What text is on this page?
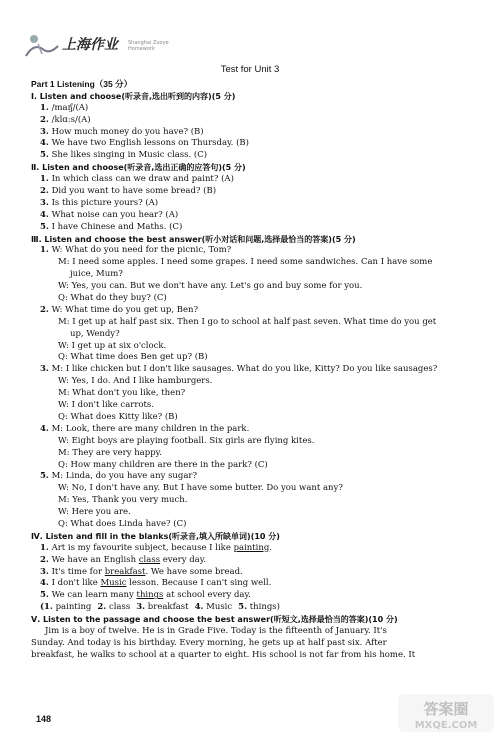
上海作业 Shanghai Zuoye Homework
Test for Unit 3
Part 1 Listening（35 分）
Ⅰ. Listen and choose(听录音,选出听到的内容)(5 分)
1. /maɪʃ/(A)
2. /klɑːs/(A)
3. How much money do you have? (B)
4. We have two English lessons on Thursday. (B)
5. She likes singing in Music class. (C)
Ⅱ. Listen and choose(听录音,选出正确的应答句)(5 分)
1. In which class can we draw and paint? (A)
2. Did you want to have some bread? (B)
3. Is this picture yours? (A)
4. What noise can you hear? (A)
5. I have Chinese and Maths. (C)
Ⅲ. Listen and choose the best answer(听小对话和问题,选择最恰当的答案)(5 分)
1. W: What do you need for the picnic, Tom?
M: I need some apples. I need some grapes. I need some sandwiches. Can I have some
juice, Mum?
W: Yes, you can. But we don't have any. Let's go and buy some for you.
Q: What do they buy? (C)
2. W: What time do you get up, Ben?
M: I get up at half past six. Then I go to school at half past seven. What time do you get
up, Wendy?
W: I get up at six o'clock.
Q: What time does Ben get up? (B)
3. M: I like chicken but I don't like sausages. What do you like, Kitty? Do you like sausages?
W: Yes, I do. And I like hamburgers.
M: What don't you like, then?
W: I don't like carrots.
Q: What does Kitty like? (B)
4. M: Look, there are many children in the park.
W: Eight boys are playing football. Six girls are flying kites.
M: They are very happy.
Q: How many children are there in the park? (C)
5. M: Linda, do you have any sugar?
W: No, I don't have any. But I have some butter. Do you want any?
M: Yes, Thank you very much.
W: Here you are.
Q: What does Linda have? (C)
Ⅳ. Listen and fill in the blanks(听录音,填入所缺单词)(10 分)
1. Art is my favourite subject, because I like painting.
2. We have an English class every day.
3. It's time for breakfast. We have some bread.
4. I don't like Music lesson. Because I can't sing well.
5. We can learn many things at school every day.
(1. painting 2. class 3. breakfast 4. Music 5. things)
Ⅴ. Listen to the passage and choose the best answer(听短文,选择最恰当的答案)(10 分)
Jim is a boy of twelve. He is in Grade Five. Today is the fifteenth of January. It's
Sunday. And today is his birthday. Every morning, he gets up at half past six. After
breakfast, he walks to school at a quarter to eight. His school is not far from his home. It
148
答案圈
MXQE.COM
